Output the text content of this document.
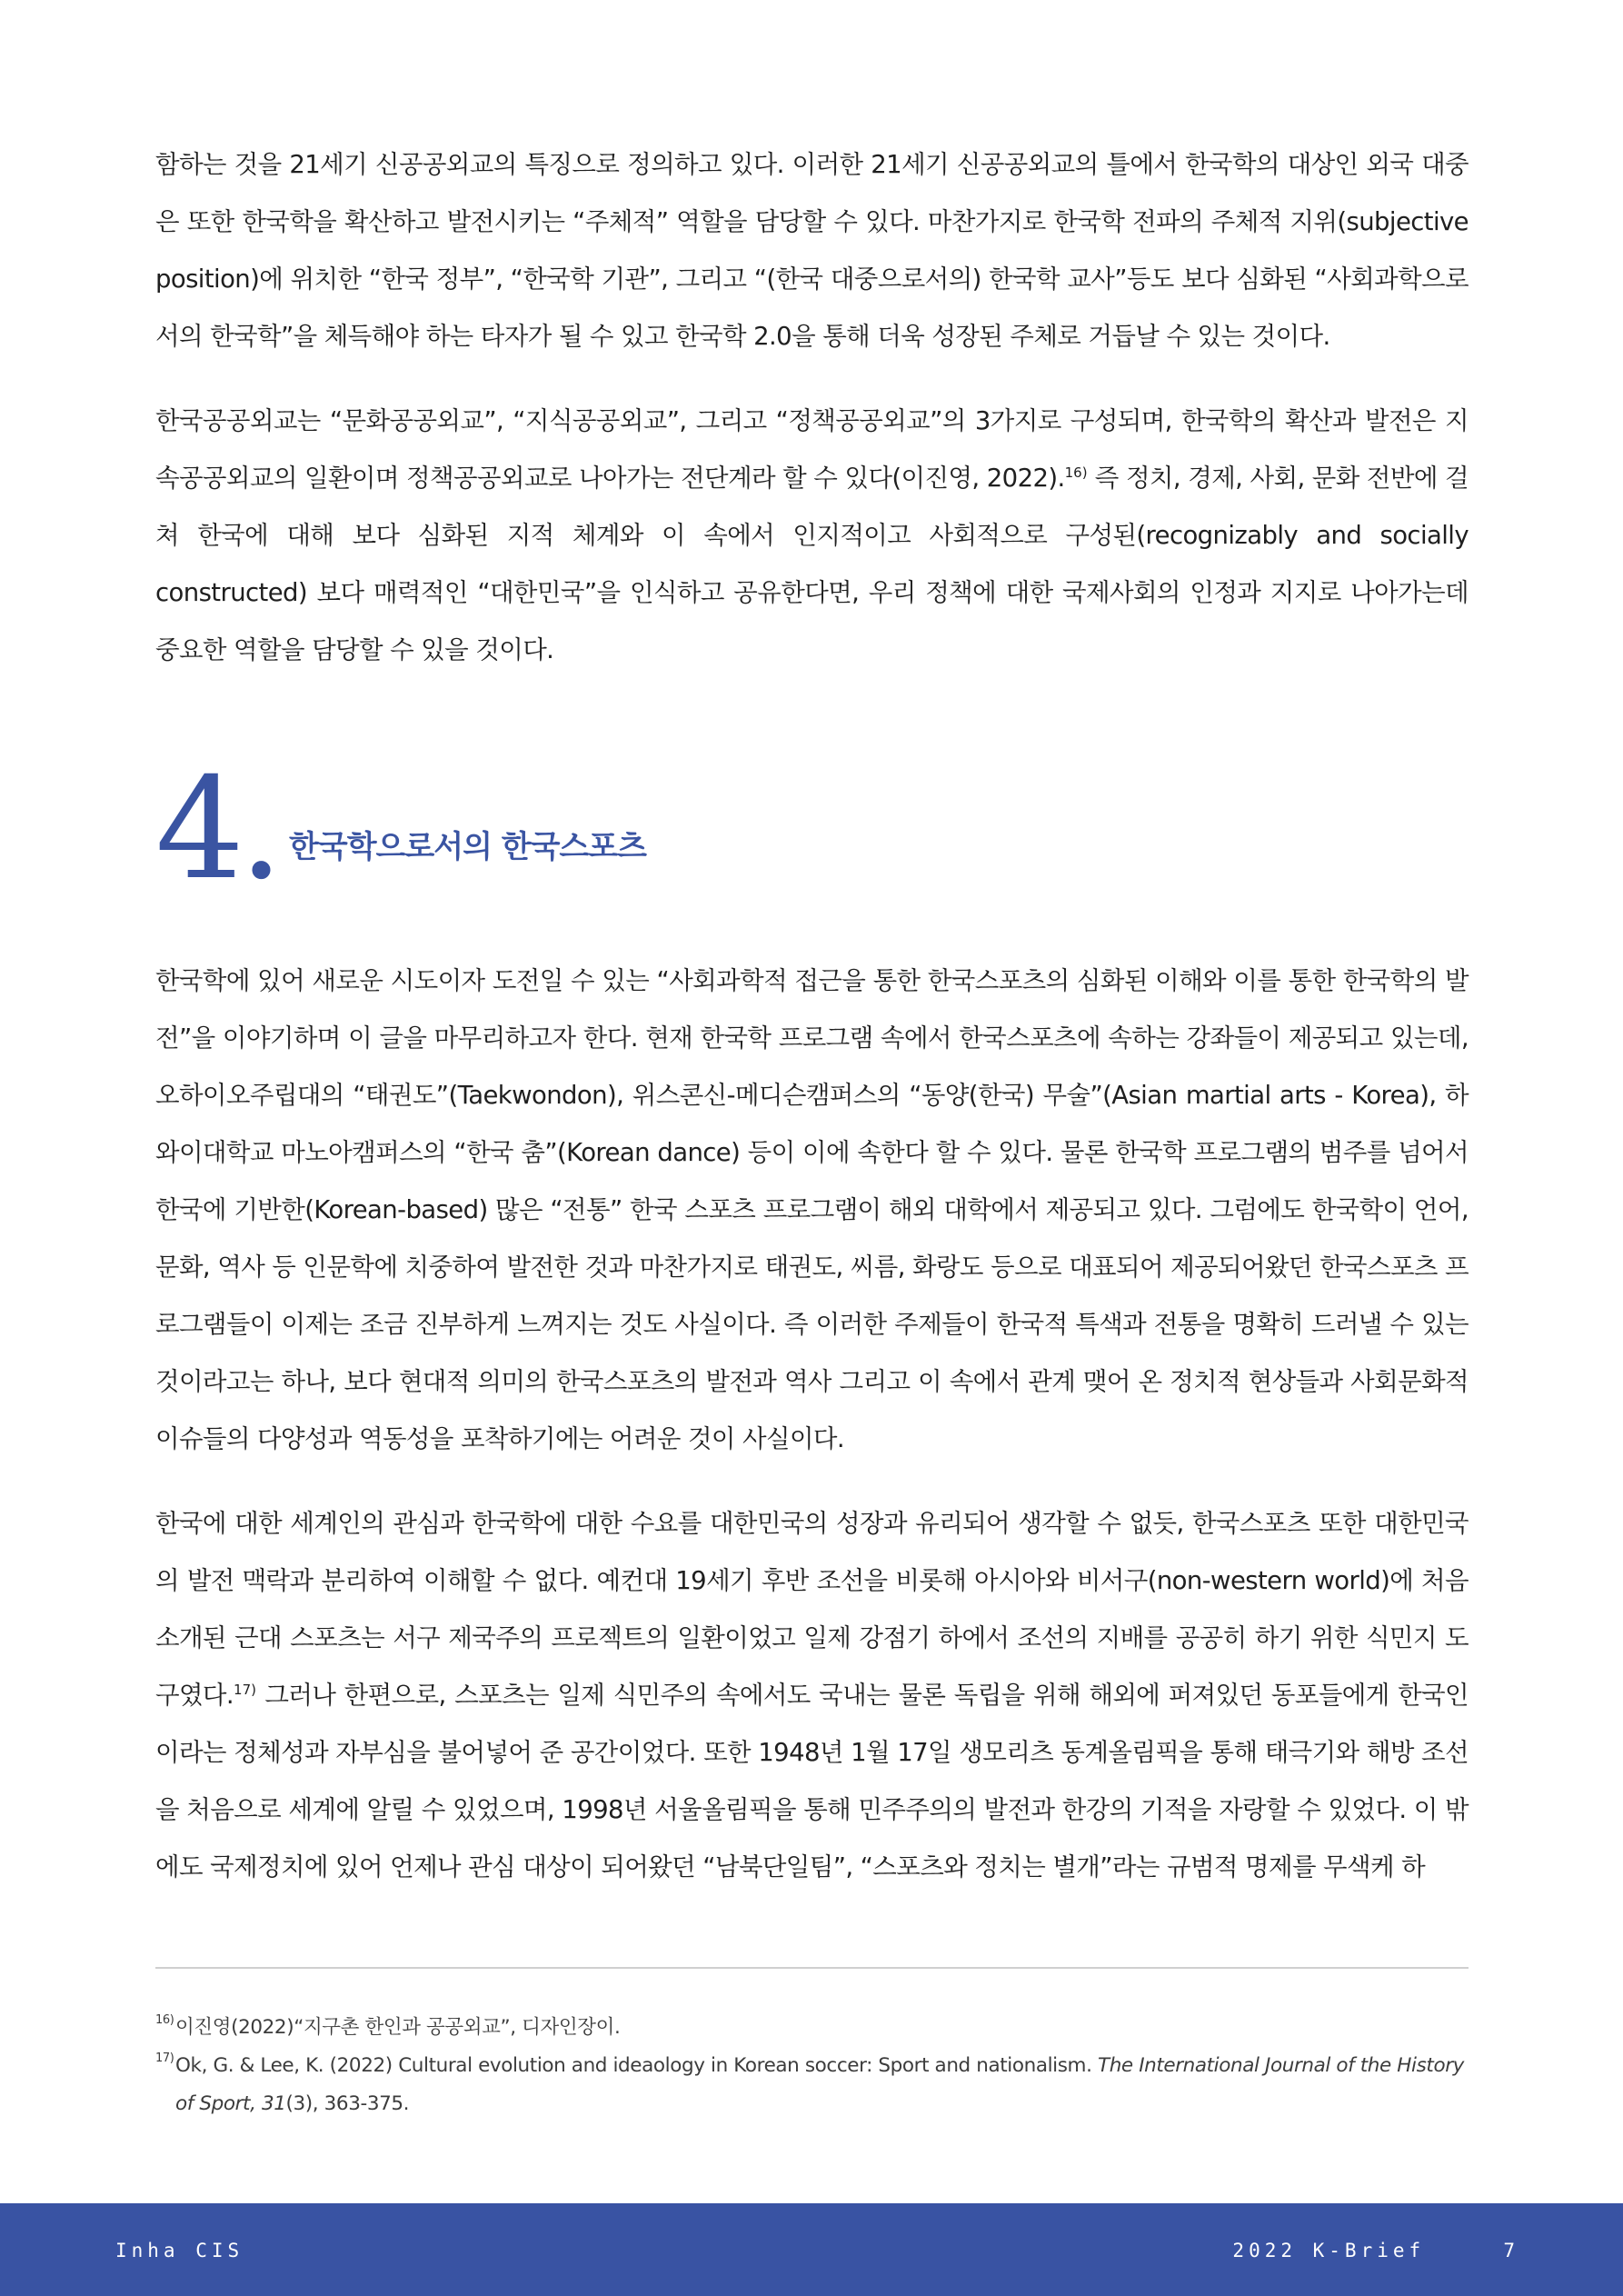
함하는 것을 21세기 신공공외교의 특징으로 정의하고 있다. 이러한 21세기 신공공외교의 틀에서 한국학의 대상인 외국 대중은 또한 한국학을 확산하고 발전시키는 “주체적” 역할을 담당할 수 있다. 마찬가지로 한국학 전파의 주체적 지위(subjective position)에 위치한 “한국 정부”, “한국학 기관”, 그리고 “(한국 대중으로서의) 한국학 교사”등도 보다 심화된 “사회과학으로서의 한국학”을 체득해야 하는 타자가 될 수 있고 한국학 2.0을 통해 더욱 성장된 주체로 거듭날 수 있는 것이다.

한국공공외교는 “문화공공외교”, “지식공공외교”, 그리고 “정책공공외교”의 3가지로 구성되며, 한국학의 확산과 발전은 지속공공외교의 일환이며 정책공공외교로 나아가는 전단계라 할 수 있다(이진영, 2022).$^{16)}$ 즉 정치, 경제, 사회, 문화 전반에 걸쳐 한국에 대해 보다 심화된 지적 체계와 이 속에서 인지적이고 사회적으로 구성된(recognizably and socially constructed) 보다 매력적인 “대한민국”을 인식하고 공유한다면, 우리 정책에 대한 국제사회의 인정과 지지로 나아가는데 중요한 역할을 담당할 수 있을 것이다.

4. 한국학으로서의 한국스포츠

한국학에 있어 새로운 시도이자 도전일 수 있는 “사회과학적 접근을 통한 한국스포츠의 심화된 이해와 이를 통한 한국학의 발전”을 이야기하며 이 글을 마무리하고자 한다. 현재 한국학 프로그램 속에서 한국스포츠에 속하는 강좌들이 제공되고 있는데, 오하이오주립대의 “태권도”(Taekwondon), 위스콘신-메디슨캠퍼스의 “동양(한국) 무술”(Asian martial arts - Korea), 하와이대학교 마노아캠퍼스의 “한국 춤”(Korean dance) 등이 이에 속한다 할 수 있다. 물론 한국학 프로그램의 범주를 넘어서 한국에 기반한(Korean-based) 많은 “전통” 한국 스포츠 프로그램이 해외 대학에서 제공되고 있다. 그럼에도 한국학이 언어, 문화, 역사 등 인문학에 치중하여 발전한 것과 마찬가지로 태권도, 씨름, 화랑도 등으로 대표되어 제공되어왔던 한국스포츠 프로그램들이 이제는 조금 진부하게 느껴지는 것도 사실이다. 즉 이러한 주제들이 한국적 특색과 전통을 명확히 드러낼 수 있는 것이라고는 하나, 보다 현대적 의미의 한국스포츠의 발전과 역사 그리고 이 속에서 관계 맺어 온 정치적 현상들과 사회문화적 이슈들의 다양성과 역동성을 포착하기에는 어려운 것이 사실이다.

한국에 대한 세계인의 관심과 한국학에 대한 수요를 대한민국의 성장과 유리되어 생각할 수 없듯, 한국스포츠 또한 대한민국의 발전 맥락과 분리하여 이해할 수 없다. 예컨대 19세기 후반 조선을 비롯해 아시아와 비서구(non-western world)에 처음 소개된 근대 스포츠는 서구 제국주의 프로젝트의 일환이었고 일제 강점기 하에서 조선의 지배를 공공히 하기 위한 식민지 도구였다.$^{17)}$ 그러나 한편으로, 스포츠는 일제 식민주의 속에서도 국내는 물론 독립을 위해 해외에 퍼져있던 동포들에게 한국인이라는 정체성과 자부심을 불어넣어 준 공간이었다. 또한 1948년 1월 17일 생모리츠 동계올림픽을 통해 태극기와 해방 조선을 처음으로 세계에 알릴 수 있었으며, 1998년 서울올림픽을 통해 민주주의의 발전과 한강의 기적을 자랑할 수 있었다. 이 밖에도 국제정치에 있어 언제나 관심 대상이 되어왔던 “남북단일팀”, “스포츠와 정치는 별개”라는 규범적 명제를 무색케 하

16) 이진영(2022)“지구촌 한인과 공공외교”, 디자인장이.

17) Ok, G. & Lee, K. (2022) Cultural evolution and ideaology in Korean soccer: Sport and nationalism. The International Journal of the History of Sport, 31(3), 363-375.

Inha CIS	2022 K-Brief	7
